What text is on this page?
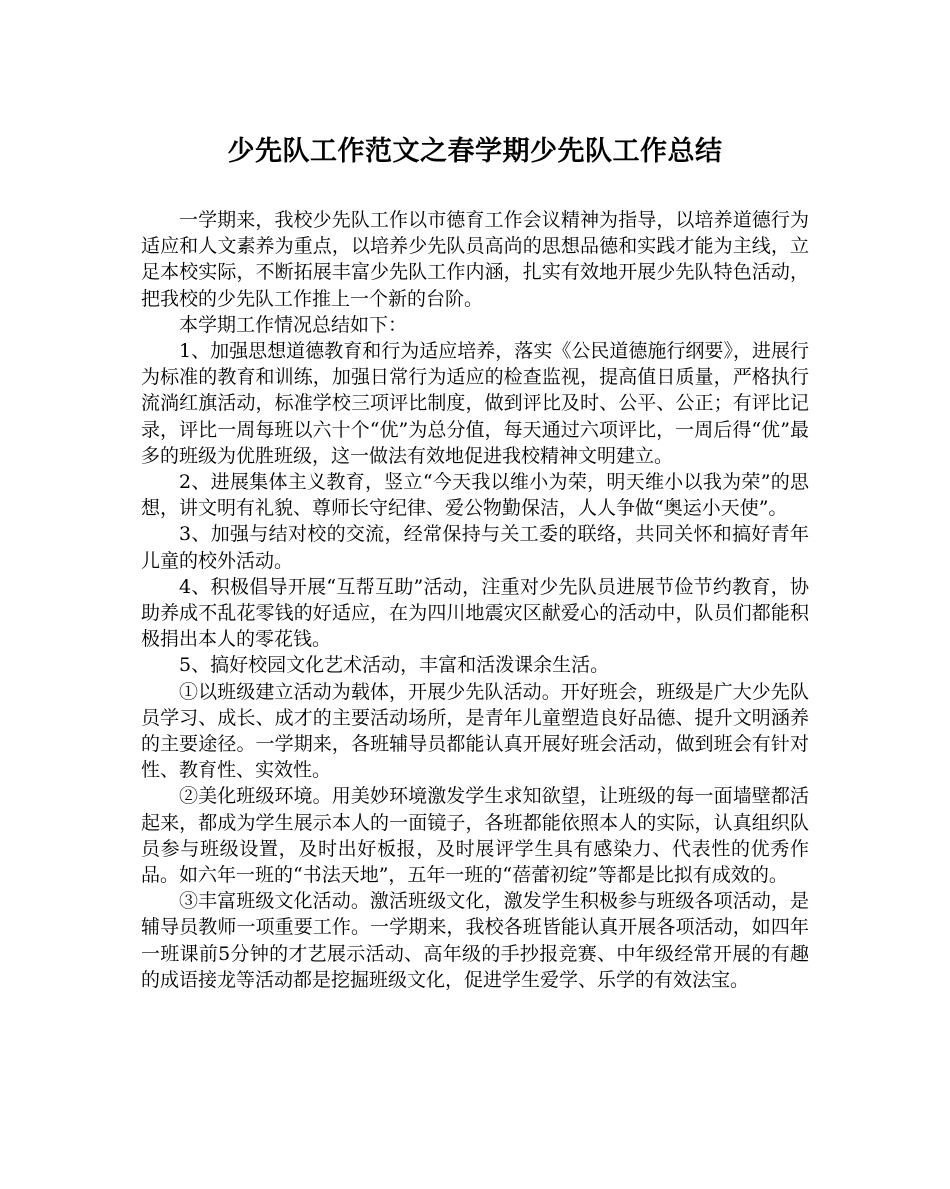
少先队工作范文之春学期少先队工作总结

一学期来，我校少先队工作以市德育工作会议精神为指导，以培养道德行为适应和人文素养为重点，以培养少先队员高尚的思想品德和实践才能为主线，立足本校实际，不断拓展丰富少先队工作内涵，扎实有效地开展少先队特色活动，把我校的少先队工作推上一个新的台阶。

本学期工作情况总结如下：

1、加强思想道德教育和行为适应培养，落实《公民道德施行纲要》，进展行为标准的教育和训练，加强日常行为适应的检查监视，提高值日质量，严格执行流淌红旗活动，标准学校三项评比制度，做到评比及时、公平、公正；有评比记录，评比一周每班以六十个“优”为总分值，每天通过六项评比，一周后得“优”最多的班级为优胜班级，这一做法有效地促进我校精神文明建立。

2、进展集体主义教育，竖立“今天我以维小为荣，明天维小以我为荣”的思想，讲文明有礼貌、尊师长守纪律、爱公物勤保洁，人人争做“奥运小天使”。

3、加强与结对校的交流，经常保持与关工委的联络，共同关怀和搞好青年儿童的校外活动。

4、积极倡导开展“互帮互助”活动，注重对少先队员进展节俭节约教育，协助养成不乱花零钱的好适应，在为四川地震灾区献爱心的活动中，队员们都能积极捐出本人的零花钱。

5、搞好校园文化艺术活动，丰富和活泼课余生活。

①以班级建立活动为载体，开展少先队活动。开好班会，班级是广大少先队员学习、成长、成才的主要活动场所，是青年儿童塑造良好品德、提升文明涵养的主要途径。一学期来，各班辅导员都能认真开展好班会活动，做到班会有针对性、教育性、实效性。

②美化班级环境。用美妙环境激发学生求知欲望，让班级的每一面墙壁都活起来，都成为学生展示本人的一面镜子，各班都能依照本人的实际，认真组织队员参与班级设置，及时出好板报，及时展评学生具有感染力、代表性的优秀作品。如六年一班的“书法天地”，五年一班的“蓓蕾初绽”等都是比拟有成效的。

③丰富班级文化活动。激活班级文化，激发学生积极参与班级各项活动，是辅导员教师一项重要工作。一学期来，我校各班皆能认真开展各项活动，如四年一班课前5分钟的才艺展示活动、高年级的手抄报竞赛、中年级经常开展的有趣的成语接龙等活动都是挖掘班级文化，促进学生爱学、乐学的有效法宝。
